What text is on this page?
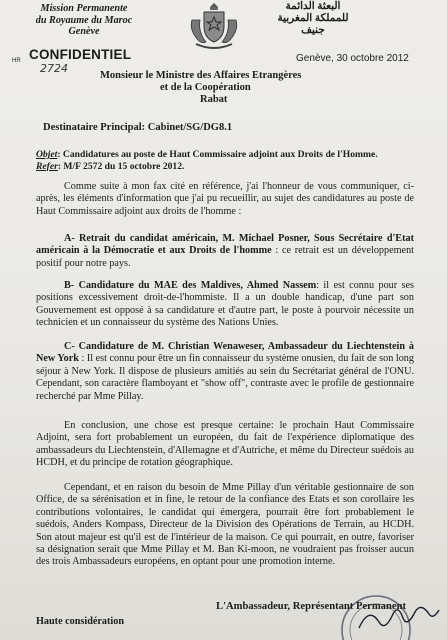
Mission Permanente
du Royaume du Maroc
Genève
البعثة الدائمة
للمملكة المغربية
جنيف
HR CONFIDENTIEL
2724
Genève, 30 octobre 2012
Monsieur le Ministre des Affaires Etrangères
et de la Coopération
Rabat
Destinataire Principal: Cabinet/SG/DG8.1
Objet: Candidatures au poste de Haut Commissaire adjoint aux Droits de l'Homme.
Refer: M/F 2572 du 15 octobre 2012.
Comme suite à mon fax cité en référence, j'ai l'honneur de vous communiquer, ci-après, les éléments d'information que j'ai pu recueillir, au sujet des candidatures au poste de Haut Commissaire adjoint aux droits de l'homme :
A- Retrait du candidat américain, M. Michael Posner, Sous Secrétaire d'Etat américain à la Démocratie et aux Droits de l'homme : ce retrait est un développement positif pour notre pays.
B- Candidature du MAE des Maldives, Ahmed Nassem: il est connu pour ses positions excessivement droit-de-l'hommiste. Il a un double handicap, d'une part son Gouvernement est opposé à sa candidature et d'autre part, le poste à pourvoir nécessite un technicien et un connaisseur du système des Nations Unies.
C- Candidature de M. Christian Wenaweser, Ambassadeur du Liechtenstein à New York : Il est connu pour être un fin connaisseur du système onusien, du fait de son long séjour à New York. Il dispose de plusieurs amitiés au sein du Secrétariat général de l'ONU. Cependant, son caractère flamboyant et "show off", contraste avec le profile de gestionnaire recherché par Mme Pillay.
En conclusion, une chose est presque certaine: le prochain Haut Commissaire Adjoint, sera fort probablement un européen, du fait de l'expérience diplomatique des ambassadeurs du Liechtenstein, d'Allemagne et d'Autriche, et même du Directeur suédois au HCDH, et du principe de rotation géographique.
Cependant, et en raison du besoin de Mme Pillay d'un véritable gestionnaire de son Office, de sa sérénisation et in fine, le retour de la confiance des Etats et son corollaire les contributions volontaires, le candidat qui émergera, pourrait être fort probablement le suédois, Anders Kompass, Directeur de la Division des Opérations de Terrain, au HCDH. Son atout majeur est qu'il est de l'intérieur de la maison. Ce qui pourrait, en outre, favoriser sa désignation serait que Mme Pillay et M. Ban Ki-moon, ne voudraient pas froisser aucun des trois Ambassadeurs européens, en optant pour une promotion interne.
L'Ambassadeur, Représentant Permanent
Haute considération
